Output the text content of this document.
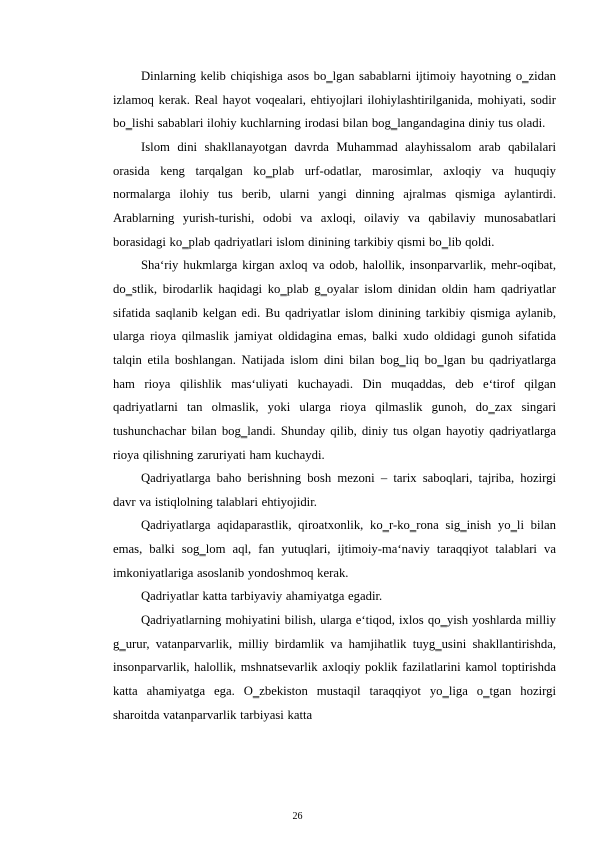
Dinlarning kelib chiqishiga asos bo‗lgan sabablarni ijtimoiy hayotning o‗zidan izlamoq kerak. Real hayot voqealari, ehtiyojlari ilohiylashtirilganida, mohiyati, sodir bo‗lishi sabablari ilohiy kuchlarning irodasi bilan bog‗langandagina diniy tus oladi.

Islom dini shakllanayotgan davrda Muhammad alayhissalom arab qabilalari orasida keng tarqalgan ko‗plab urf-odatlar, marosimlar, axloqiy va huquqiy normalarga ilohiy tus berib, ularni yangi dinning ajralmas qismiga aylantirdi. Arablarning yurish-turishi, odobi va axloqi, oilaviy va qabilaviy munosabatlari borasidagi ko‗plab qadriyatlari islom dinining tarkibiy qismi bo‗lib qoldi.

Sha‘riy hukmlarga kirgan axloq va odob, halollik, insonparvarlik, mehr-oqibat, do‗stlik, birodarlik haqidagi ko‗plab g‗oyalar islom dinidan oldin ham qadriyatlar sifatida saqlanib kelgan edi. Bu qadriyatlar islom dinining tarkibiy qismiga aylanib, ularga rioya qilmaslik jamiyat oldidagina emas, balki xudo oldidagi gunoh sifatida talqin etila boshlangan. Natijada islom dini bilan bog‗liq bo‗lgan bu qadriyatlarga ham rioya qilishlik mas‘uliyati kuchayadi. Din muqaddas, deb e‘tirof qilgan qadriyatlarni tan olmaslik, yoki ularga rioya qilmaslik gunoh, do‗zax singari tushunchachar bilan bog‗landi. Shunday qilib, diniy tus olgan hayotiy qadriyatlarga rioya qilishning zaruriyati ham kuchaydi.

Qadriyatlarga baho berishning bosh mezoni – tarix saboqlari, tajriba, hozirgi davr va istiqlolning talablari ehtiyojidir.

Qadriyatlarga aqidaparastlik, qiroatxonlik, ko‗r-ko‗rona sig‗inish yo‗li bilan emas, balki sog‗lom aql, fan yutuqlari, ijtimoiy-ma‘naviy taraqqiyot talablari va imkoniyatlariga asoslanib yondoshmoq kerak.

Qadriyatlar katta tarbiyaviy ahamiyatga egadir.

Qadriyatlarning mohiyatini bilish, ularga e‘tiqod, ixlos qo‗yish yoshlarda milliy g‗urur, vatanparvarlik, milliy birdamlik va hamjihatlik tuyg‗usini shakllantirishda, insonparvarlik, halollik, mshnatsevarlik axloqiy poklik fazilatlarini kamol toptirishda katta ahamiyatga ega. O‗zbekiston mustaqil taraqqiyot yo‗liga o‗tgan hozirgi sharoitda vatanparvarlik tarbiyasi katta

26
